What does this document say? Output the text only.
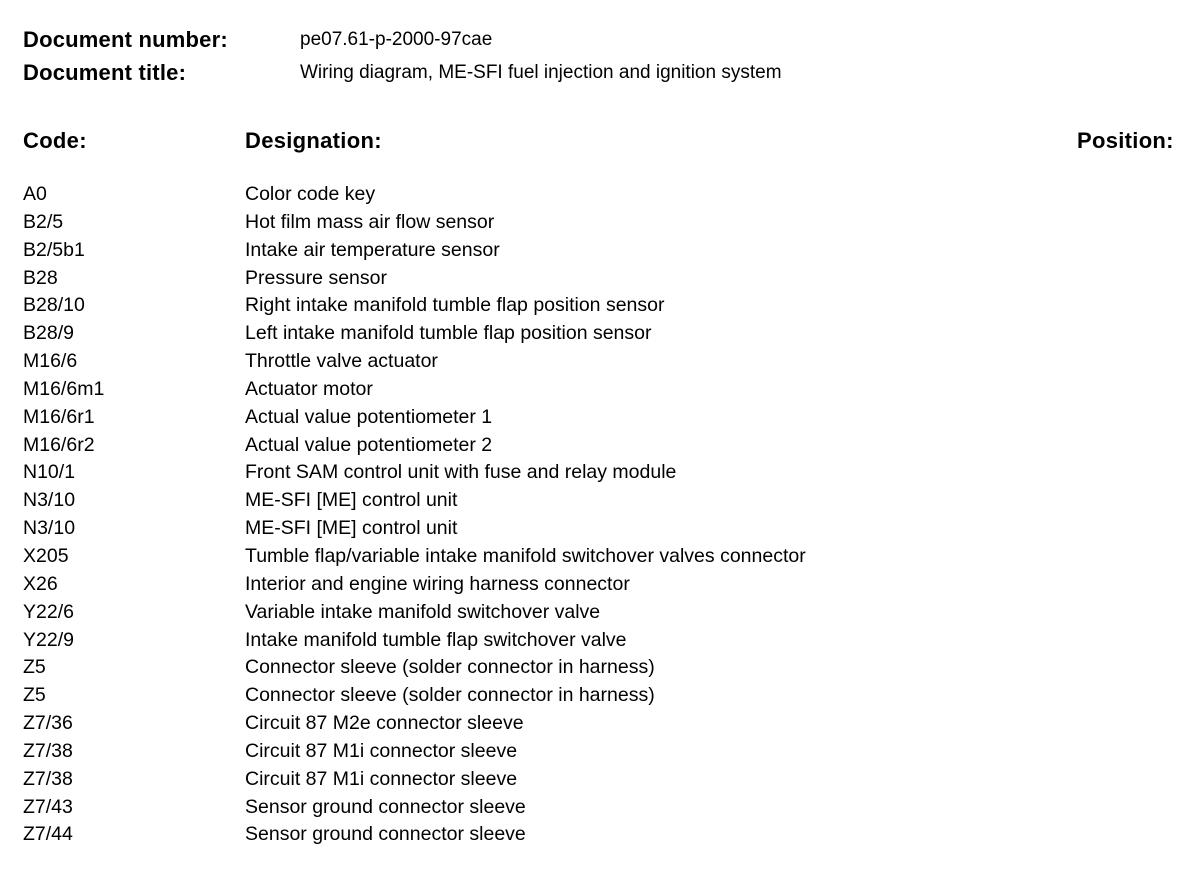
Document number:	pe07.61-p-2000-97cae
Document title:	Wiring diagram, ME-SFI fuel injection and ignition system
Code:	Designation:	Position:
A0	Color code key
B2/5	Hot film mass air flow sensor
B2/5b1	Intake air temperature sensor
B28	Pressure sensor
B28/10	Right intake manifold tumble flap position sensor
B28/9	Left intake manifold tumble flap position sensor
M16/6	Throttle valve actuator
M16/6m1	Actuator motor
M16/6r1	Actual value potentiometer 1
M16/6r2	Actual value potentiometer 2
N10/1	Front SAM control unit with fuse and relay module
N3/10	ME-SFI [ME] control unit
N3/10	ME-SFI [ME] control unit
X205	Tumble flap/variable intake manifold switchover valves connector
X26	Interior and engine wiring harness connector
Y22/6	Variable intake manifold switchover valve
Y22/9	Intake manifold tumble flap switchover valve
Z5	Connector sleeve (solder connector in harness)
Z5	Connector sleeve (solder connector in harness)
Z7/36	Circuit 87 M2e connector sleeve
Z7/38	Circuit 87 M1i connector sleeve
Z7/38	Circuit 87 M1i connector sleeve
Z7/43	Sensor ground connector sleeve
Z7/44	Sensor ground connector sleeve
